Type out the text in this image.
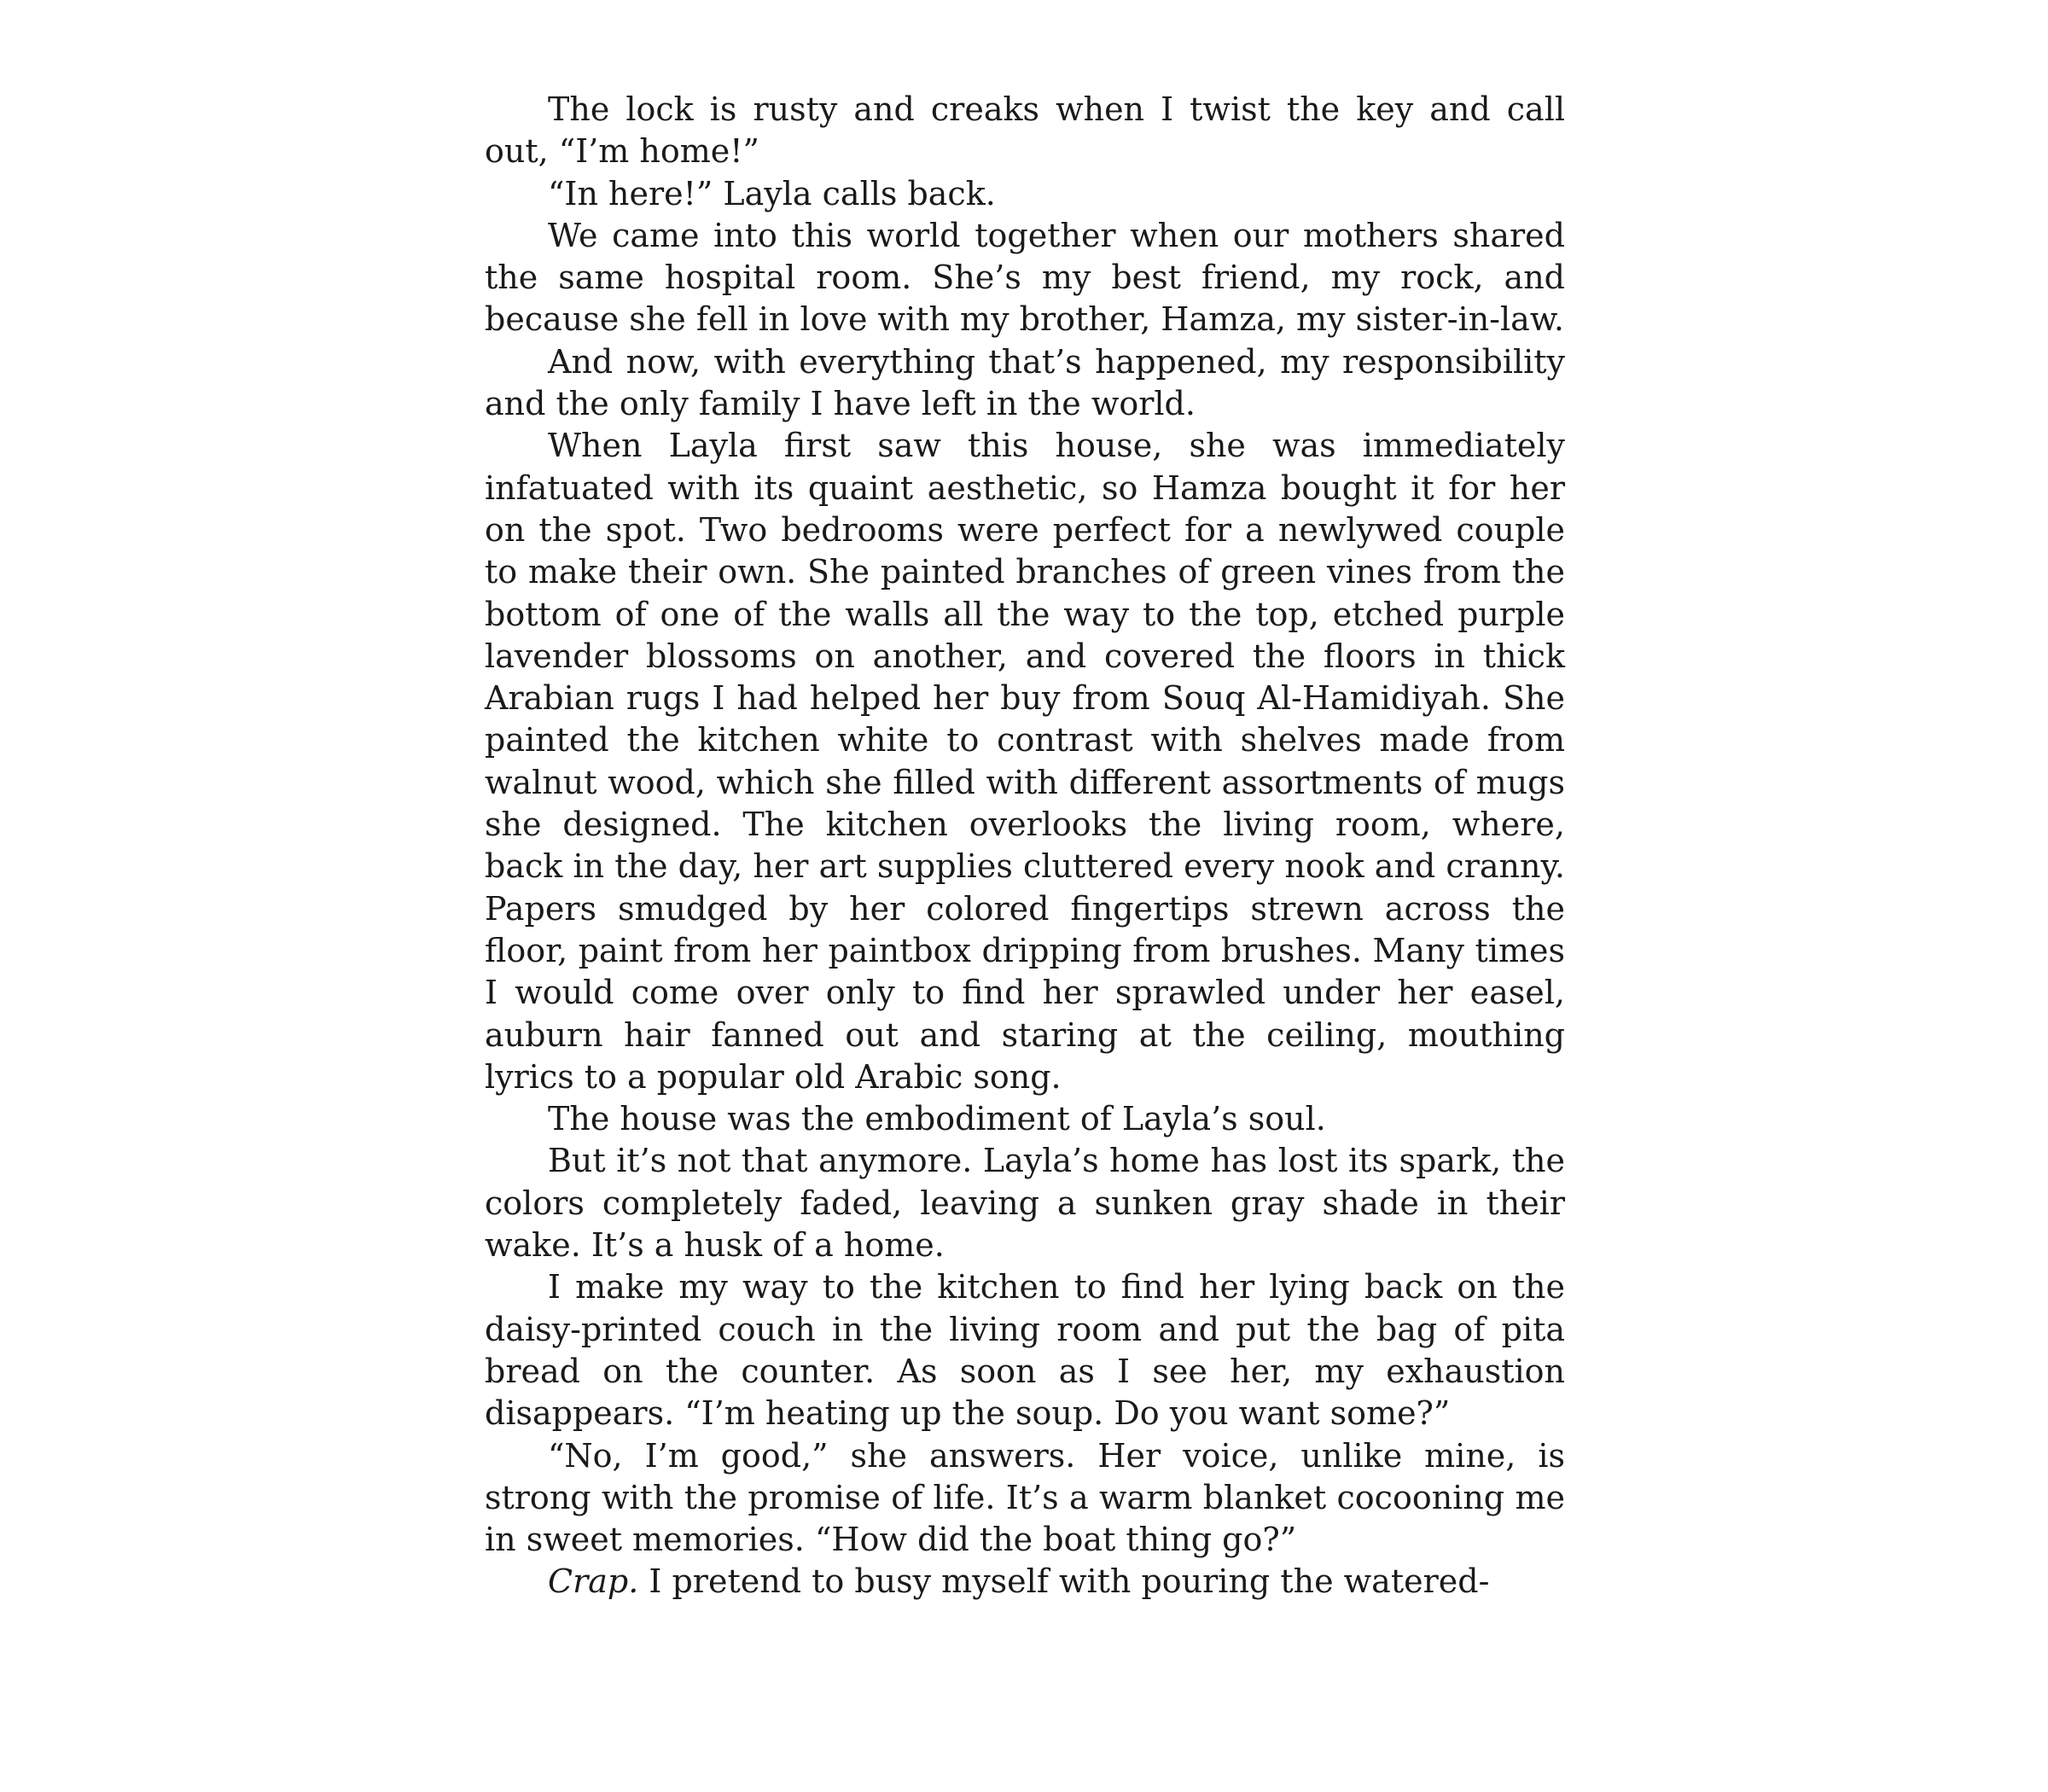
The lock is rusty and creaks when I twist the key and call out, “I’m home!”

“In here!” Layla calls back.

We came into this world together when our mothers shared the same hospital room. She’s my best friend, my rock, and because she fell in love with my brother, Hamza, my sister-in-law.

And now, with everything that’s happened, my responsibility and the only family I have left in the world.

When Layla first saw this house, she was immediately infatuated with its quaint aesthetic, so Hamza bought it for her on the spot. Two bedrooms were perfect for a newlywed couple to make their own. She painted branches of green vines from the bottom of one of the walls all the way to the top, etched purple lavender blossoms on another, and covered the floors in thick Arabian rugs I had helped her buy from Souq Al-Hamidiyah. She painted the kitchen white to contrast with shelves made from walnut wood, which she filled with different assortments of mugs she designed. The kitchen overlooks the living room, where, back in the day, her art supplies cluttered every nook and cranny. Papers smudged by her colored fingertips strewn across the floor, paint from her paintbox dripping from brushes. Many times I would come over only to find her sprawled under her easel, auburn hair fanned out and staring at the ceiling, mouthing lyrics to a popular old Arabic song.

The house was the embodiment of Layla’s soul.

But it’s not that anymore. Layla’s home has lost its spark, the colors completely faded, leaving a sunken gray shade in their wake. It’s a husk of a home.

I make my way to the kitchen to find her lying back on the daisy-printed couch in the living room and put the bag of pita bread on the counter. As soon as I see her, my exhaustion disappears. “I’m heating up the soup. Do you want some?”

“No, I’m good,” she answers. Her voice, unlike mine, is strong with the promise of life. It’s a warm blanket cocooning me in sweet memories. “How did the boat thing go?”

Crap. I pretend to busy myself with pouring the watered-
